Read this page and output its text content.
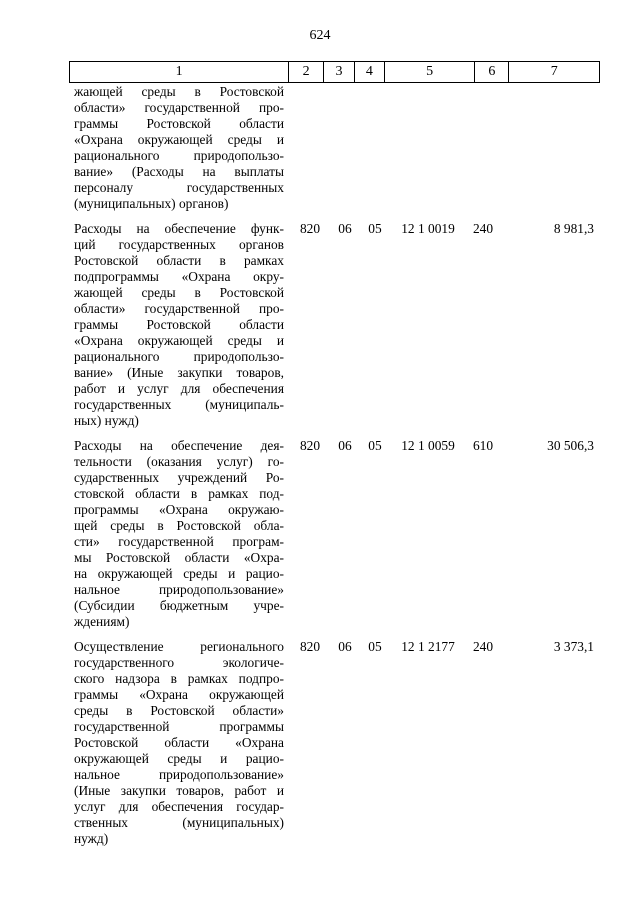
624
1	2	3	4	5	6	7
жающей среды в Ростовской
области» государственной про-
граммы Ростовской области
«Охрана окружающей среды и
рационального природопользо-
вание» (Расходы на выплаты
персоналу государственных
(муниципальных) органов)
Расходы на обеспечение функ-
ций государственных органов
Ростовской области в рамках
подпрограммы «Охрана окру-
жающей среды в Ростовской
области» государственной про-
граммы Ростовской области
«Охрана окружающей среды и
рационального природопользо-
вание» (Иные закупки товаров,
работ и услуг для обеспечения
государственных (муниципаль-
ных) нужд)
820	06	05	12 1 0019	240	8 981,3
Расходы на обеспечение дея-
тельности (оказания услуг) го-
сударственных учреждений Ро-
стовской области в рамках под-
программы «Охрана окружаю-
щей среды в Ростовской обла-
сти» государственной програм-
мы Ростовской области «Охра-
на окружающей среды и рацио-
нальное природопользование»
(Субсидии бюджетным учре-
ждениям)
820	06	05	12 1 0059	610	30 506,3
Осуществление регионального
государственного экологиче-
ского надзора в рамках подпро-
граммы «Охрана окружающей
среды в Ростовской области»
государственной программы
Ростовской области «Охрана
окружающей среды и рацио-
нальное природопользование»
(Иные закупки товаров, работ и
услуг для обеспечения государ-
ственных (муниципальных)
нужд)
820	06	05	12 1 2177	240	3 373,1
